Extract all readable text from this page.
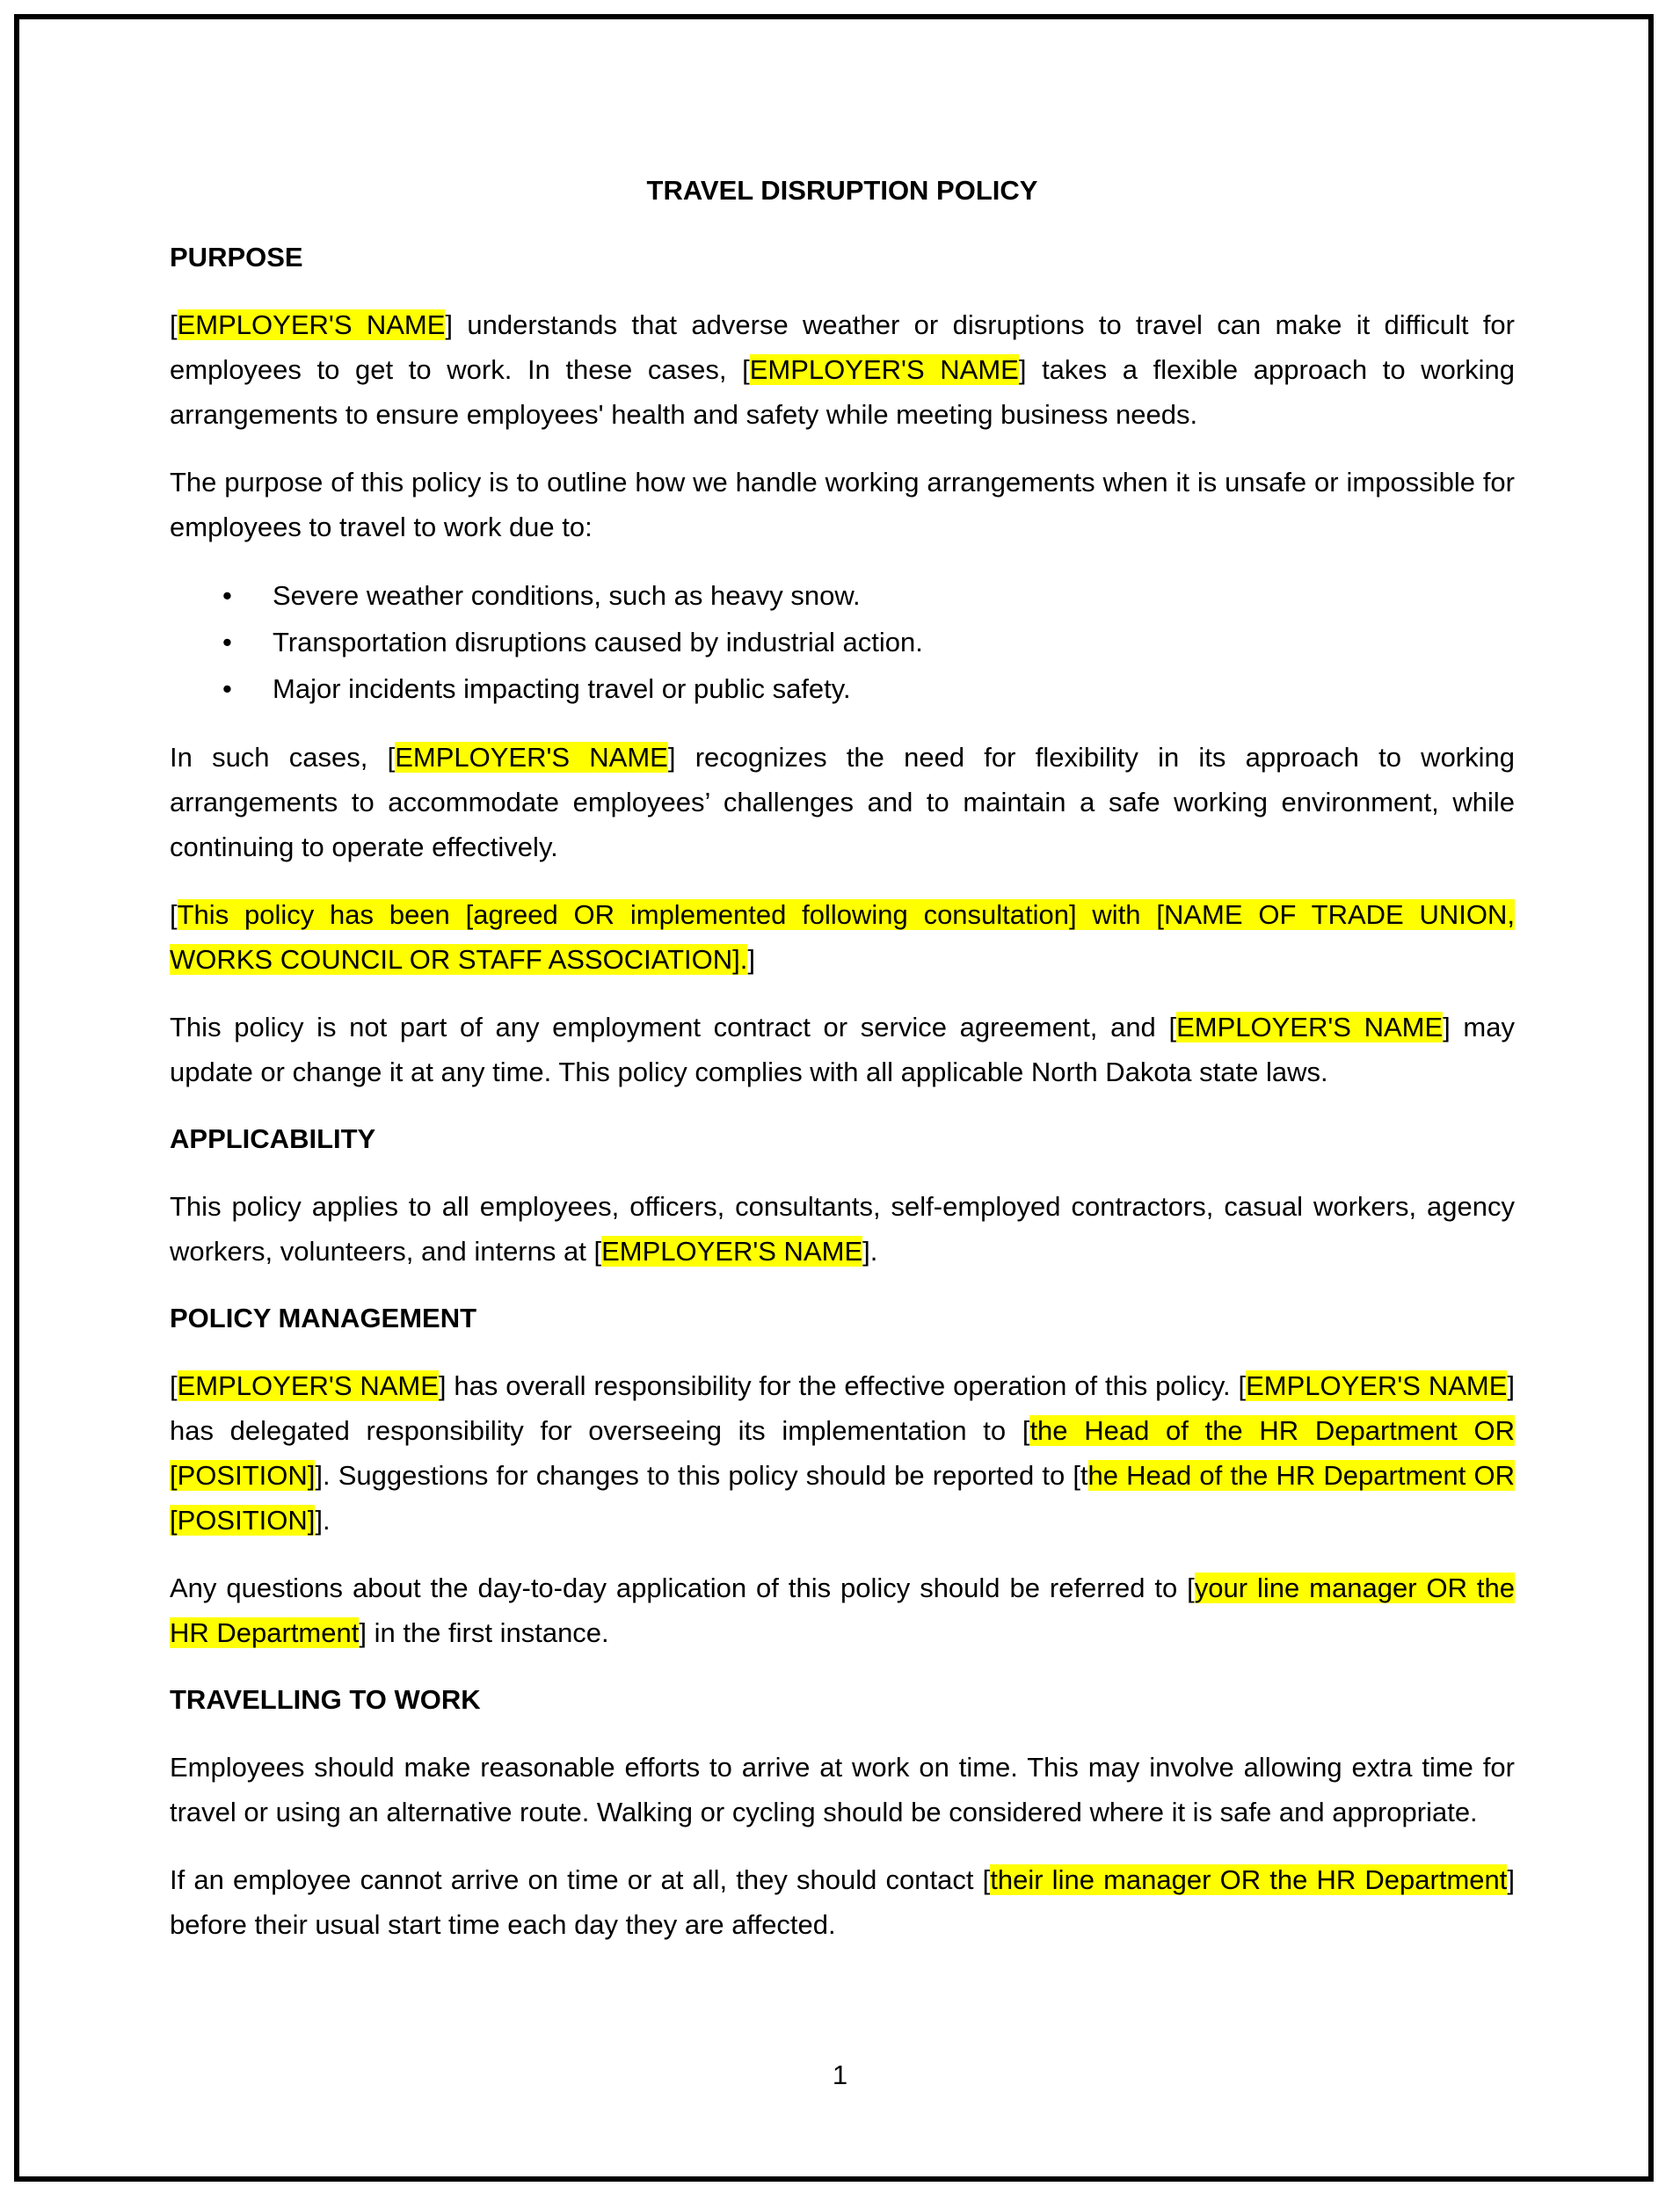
TRAVEL DISRUPTION POLICY
PURPOSE

[EMPLOYER'S NAME] understands that adverse weather or disruptions to travel can make it difficult for employees to get to work. In these cases, [EMPLOYER'S NAME] takes a flexible approach to working arrangements to ensure employees' health and safety while meeting business needs.

The purpose of this policy is to outline how we handle working arrangements when it is unsafe or impossible for employees to travel to work due to:

• Severe weather conditions, such as heavy snow.
• Transportation disruptions caused by industrial action.
• Major incidents impacting travel or public safety.

In such cases, [EMPLOYER'S NAME] recognizes the need for flexibility in its approach to working arrangements to accommodate employees’ challenges and to maintain a safe working environment, while continuing to operate effectively.

[This policy has been [agreed OR implemented following consultation] with [NAME OF TRADE UNION, WORKS COUNCIL OR STAFF ASSOCIATION].]

This policy is not part of any employment contract or service agreement, and [EMPLOYER'S NAME] may update or change it at any time. This policy complies with all applicable North Dakota state laws.

APPLICABILITY

This policy applies to all employees, officers, consultants, self-employed contractors, casual workers, agency workers, volunteers, and interns at [EMPLOYER'S NAME].

POLICY MANAGEMENT

[EMPLOYER'S NAME] has overall responsibility for the effective operation of this policy. [EMPLOYER'S NAME] has delegated responsibility for overseeing its implementation to [the Head of the HR Department OR [POSITION]]. Suggestions for changes to this policy should be reported to [the Head of the HR Department OR [POSITION]].

Any questions about the day-to-day application of this policy should be referred to [your line manager OR the HR Department] in the first instance.

TRAVELLING TO WORK

Employees should make reasonable efforts to arrive at work on time. This may involve allowing extra time for travel or using an alternative route. Walking or cycling should be considered where it is safe and appropriate.

If an employee cannot arrive on time or at all, they should contact [their line manager OR the HR Department] before their usual start time each day they are affected.

1
